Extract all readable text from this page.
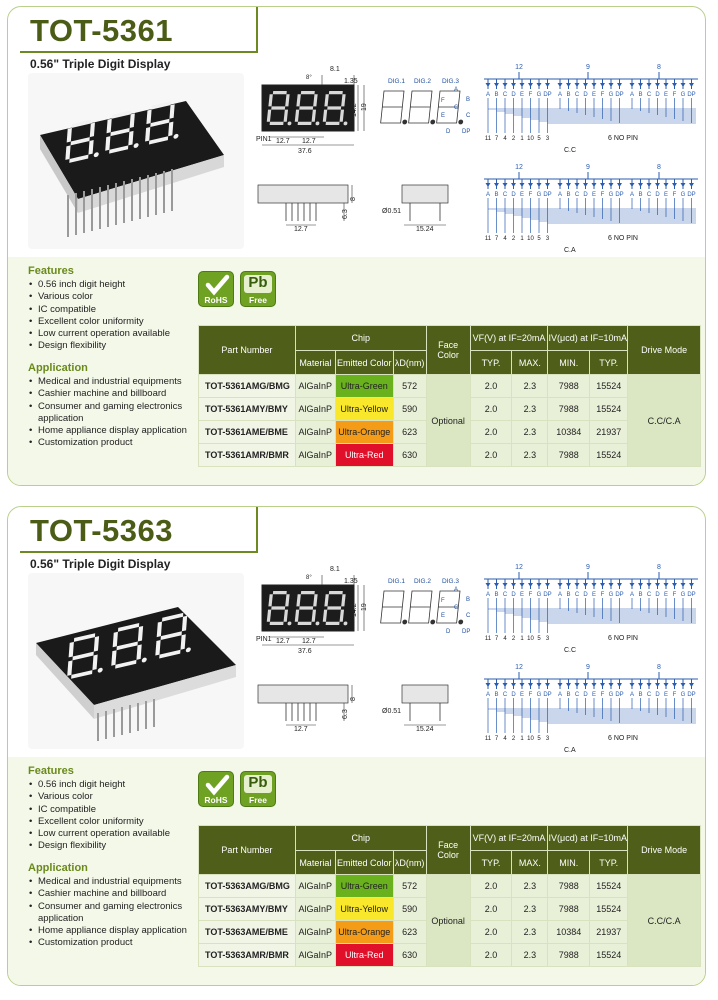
TOT-5361
0.56" Triple Digit Display
8°
8.1
1.35
14.2 19
PIN1 12.7 12.7
37.6
DIG.1 DIG.2 DIG.3
A
F	B
G
E	C
D DP
8
6.3
12.7
Ø0.51
15.24
12	9	8
A B C D E F G DP A B C D E F G DP A B C D E F G DP
11 7 4 2 1 10 5 3	6 NO PIN
C.C
12	9	8
A B C D E F G DP A B C D E F G DP A B C D E F G DP
11 7 4 2 1 10 5 3	6 NO PIN
C.A
Features
• 0.56 inch digit height
• Various color
• IC compatible
• Excellent color uniformity
• Low current operation available
• Design flexibility
Application
• Medical and industrial equipments
• Cashier machine and billboard
• Consumer and gaming electronics application
• Home appliance display application
• Customization product
RoHS
Pb
Free
Part Number	Chip			Face Color	VF(V) at IF=20mA		IV(μcd) at IF=10mA		Drive Mode
	Material	Emitted Color	λD(nm)		TYP.	MAX.	MIN.	TYP.	
TOT-5361AMG/BMG	AlGaInP	Ultra-Green	572	Optional	2.0	2.3	7988	15524	C.C/C.A
TOT-5361AMY/BMY	AlGaInP	Ultra-Yellow	590		2.0	2.3	7988	15524	
TOT-5361AME/BME	AlGaInP	Ultra-Orange	623		2.0	2.3	10384	21937	
TOT-5361AMR/BMR	AlGaInP	Ultra-Red	630		2.0	2.3	7988	15524	
TOT-5363
0.56" Triple Digit Display
8°
8.1
1.35
14.2 19
PIN1 12.7 12.7
37.6
DIG.1 DIG.2 DIG.3
A
F	B
G
E	C
D DP
8
6.3
12.7
Ø0.51
15.24
12	9	8
A B C D E F G DP A B C D E F G DP A B C D E F G DP
11 7 4 2 1 10 5 3	6 NO PIN
C.C
12	9	8
A B C D E F G DP A B C D E F G DP A B C D E F G DP
11 7 4 2 1 10 5 3	6 NO PIN
C.A
Features
• 0.56 inch digit height
• Various color
• IC compatible
• Excellent color uniformity
• Low current operation available
• Design flexibility
Application
• Medical and industrial equipments
• Cashier machine and billboard
• Consumer and gaming electronics application
• Home appliance display application
• Customization product
RoHS
Pb
Free
Part Number	Chip			Face Color	VF(V) at IF=20mA		IV(μcd) at IF=10mA		Drive Mode
	Material	Emitted Color	λD(nm)		TYP.	MAX.	MIN.	TYP.	
TOT-5363AMG/BMG	AlGaInP	Ultra-Green	572	Optional	2.0	2.3	7988	15524	C.C/C.A
TOT-5363AMY/BMY	AlGaInP	Ultra-Yellow	590		2.0	2.3	7988	15524	
TOT-5363AME/BME	AlGaInP	Ultra-Orange	623		2.0	2.3	10384	21937	
TOT-5363AMR/BMR	AlGaInP	Ultra-Red	630		2.0	2.3	7988	15524	
